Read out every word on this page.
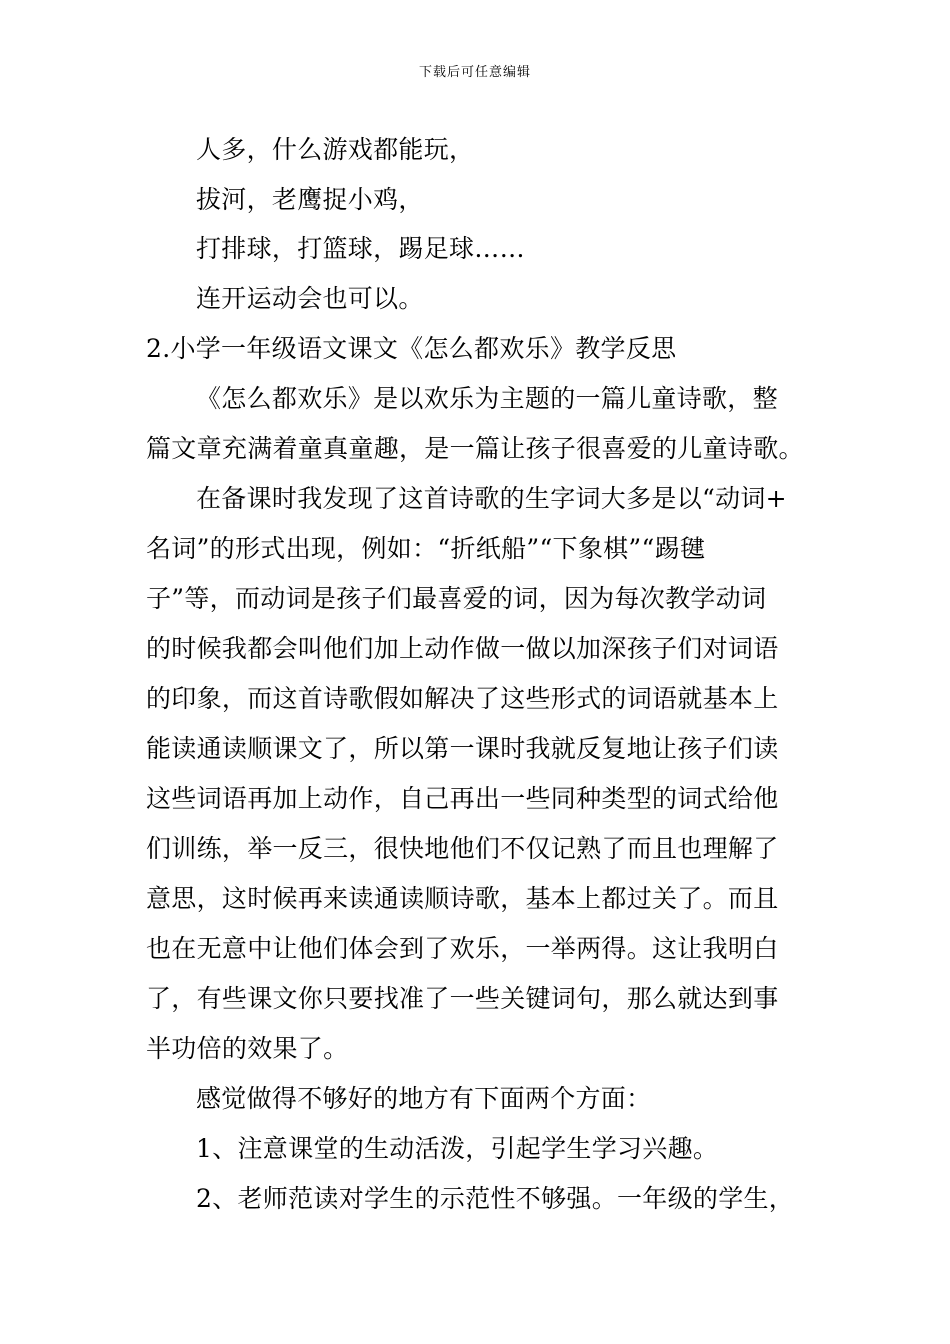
下载后可任意编辑
人多，什么游戏都能玩，
拔河，老鹰捉小鸡，
打排球，打篮球，踢足球……
连开运动会也可以。
2.小学一年级语文课文《怎么都欢乐》教学反思
《怎么都欢乐》是以欢乐为主题的一篇儿童诗歌，整
篇文章充满着童真童趣，是一篇让孩子很喜爱的儿童诗歌。
在备课时我发现了这首诗歌的生字词大多是以“动词+
名词”的形式出现，例如：“折纸船”“下象棋”“踢毽
子”等，而动词是孩子们最喜爱的词，因为每次教学动词
的时候我都会叫他们加上动作做一做以加深孩子们对词语
的印象，而这首诗歌假如解决了这些形式的词语就基本上
能读通读顺课文了，所以第一课时我就反复地让孩子们读
这些词语再加上动作，自己再出一些同种类型的词式给他
们训练，举一反三，很快地他们不仅记熟了而且也理解了
意思，这时候再来读通读顺诗歌，基本上都过关了。而且
也在无意中让他们体会到了欢乐，一举两得。这让我明白
了，有些课文你只要找准了一些关键词句，那么就达到事
半功倍的效果了。
感觉做得不够好的地方有下面两个方面：
1、注意课堂的生动活泼，引起学生学习兴趣。
2、老师范读对学生的示范性不够强。一年级的学生，
